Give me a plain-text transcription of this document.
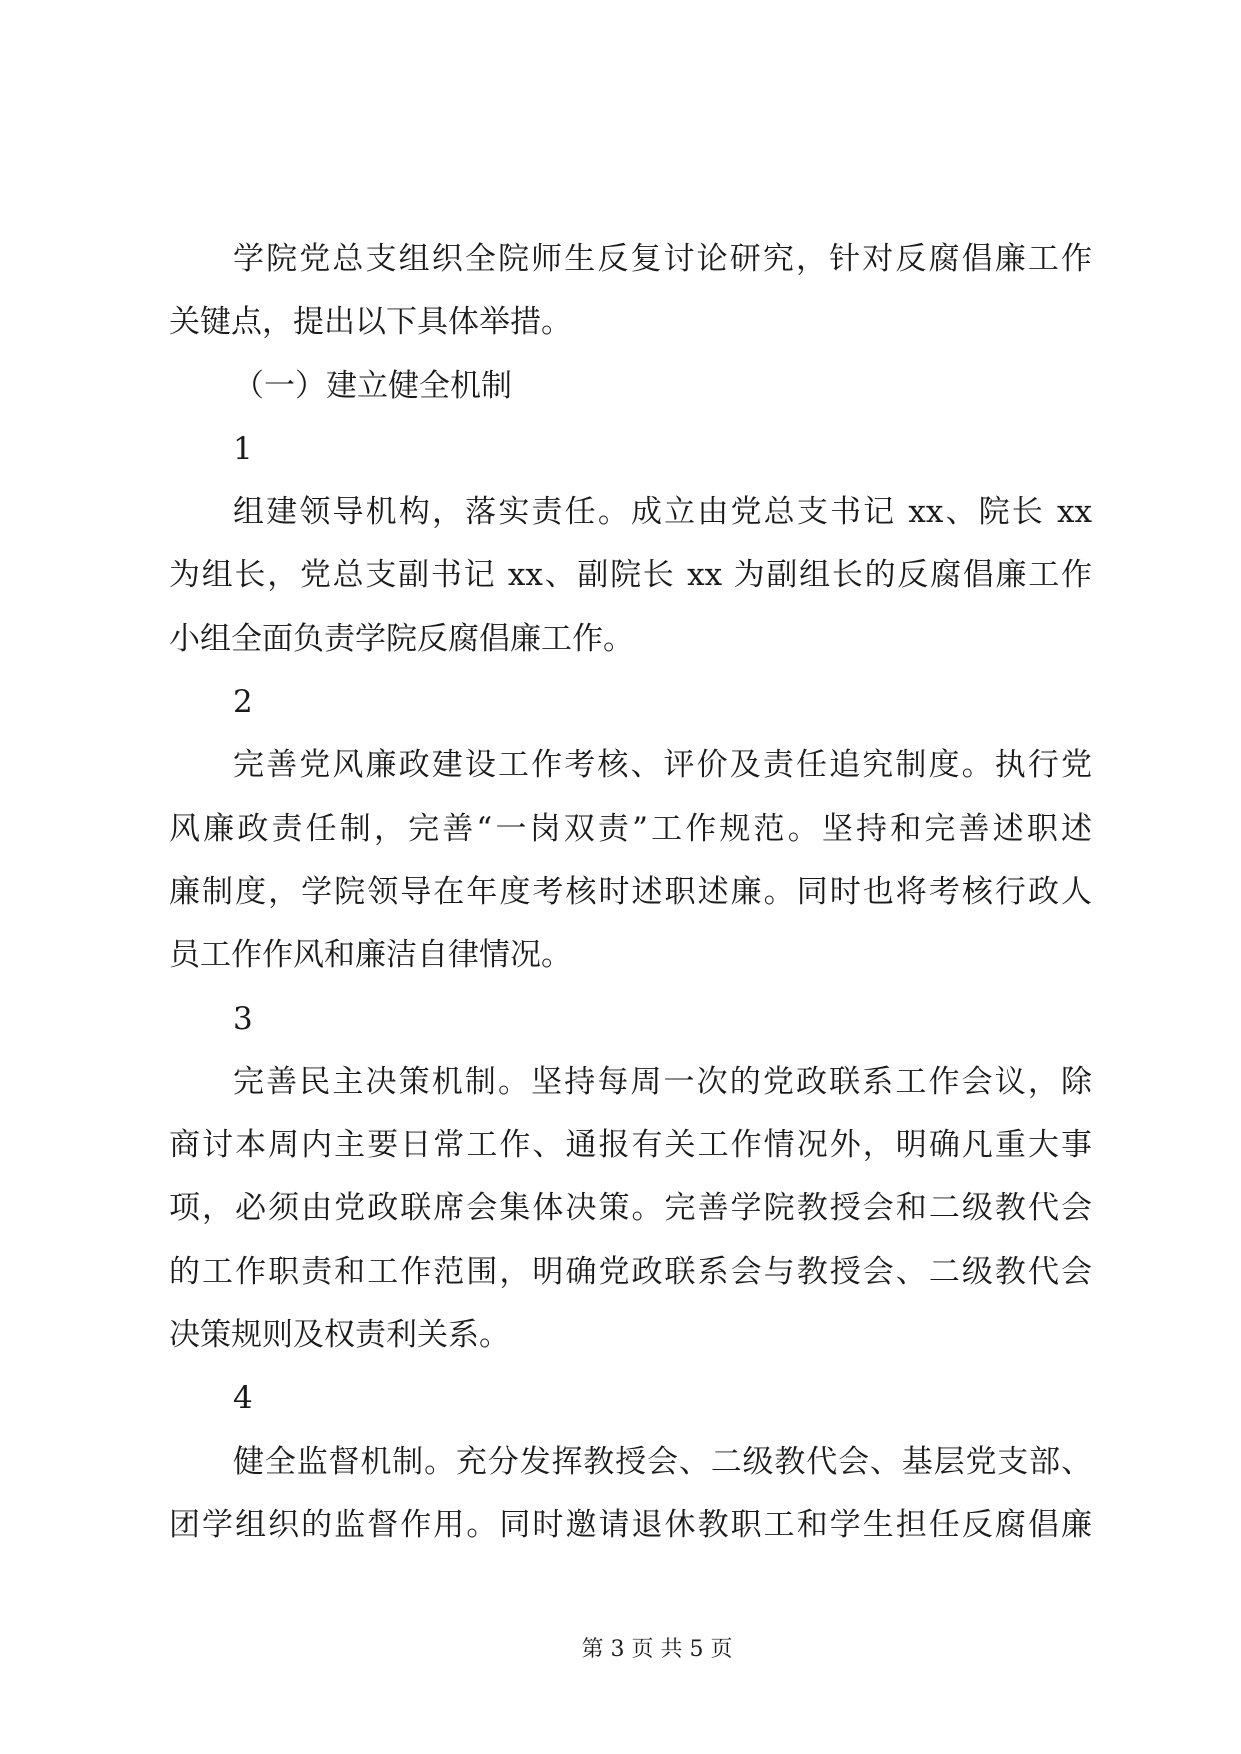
学院党总支组织全院师生反复讨论研究，针对反腐倡廉工作
关键点，提出以下具体举措。
（一）建立健全机制
1
组建领导机构，落实责任。成立由党总支书记 xx、院长 xx
为组长，党总支副书记 xx、副院长 xx 为副组长的反腐倡廉工作
小组全面负责学院反腐倡廉工作。
2
完善党风廉政建设工作考核、评价及责任追究制度。执行党
风廉政责任制，完善“一岗双责”工作规范。坚持和完善述职述
廉制度，学院领导在年度考核时述职述廉。同时也将考核行政人
员工作作风和廉洁自律情况。
3
完善民主决策机制。坚持每周一次的党政联系工作会议，除
商讨本周内主要日常工作、通报有关工作情况外，明确凡重大事
项，必须由党政联席会集体决策。完善学院教授会和二级教代会
的工作职责和工作范围，明确党政联系会与教授会、二级教代会
决策规则及权责利关系。
4
健全监督机制。充分发挥教授会、二级教代会、基层党支部、
团学组织的监督作用。同时邀请退休教职工和学生担任反腐倡廉
第 3 页 共 5 页
